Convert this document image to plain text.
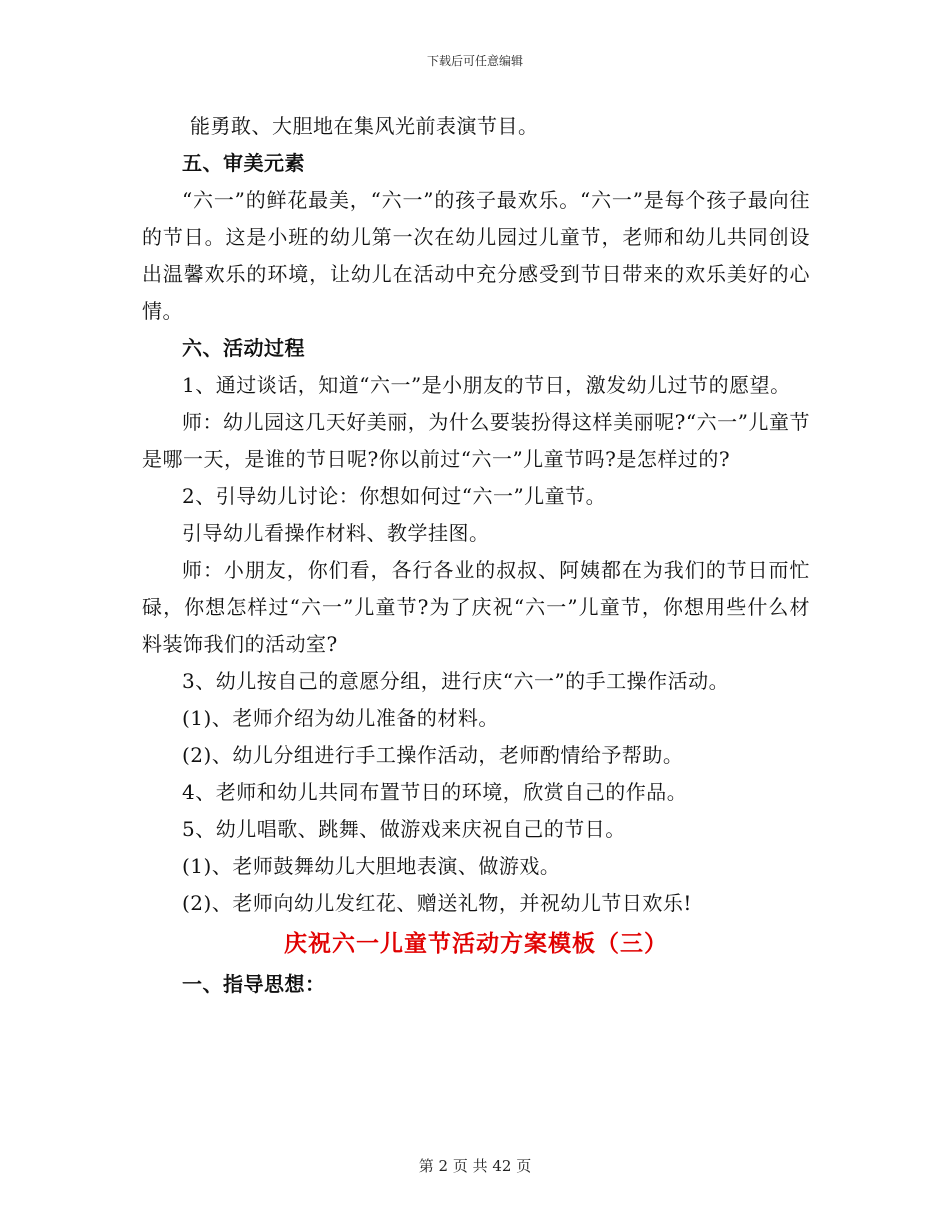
下载后可任意编辑

能勇敢、大胆地在集风光前表演节目。

五、审美元素

“六一”的鲜花最美，“六一”的孩子最欢乐。“六一”是每个孩子最向往的节日。这是小班的幼儿第一次在幼儿园过儿童节，老师和幼儿共同创设出温馨欢乐的环境，让幼儿在活动中充分感受到节日带来的欢乐美好的心情。

六、活动过程

1、通过谈话，知道“六一”是小朋友的节日，激发幼儿过节的愿望。

师：幼儿园这几天好美丽，为什么要装扮得这样美丽呢?“六一”儿童节是哪一天，是谁的节日呢?你以前过“六一”儿童节吗?是怎样过的?

2、引导幼儿讨论：你想如何过“六一”儿童节。

引导幼儿看操作材料、教学挂图。

师：小朋友，你们看，各行各业的叔叔、阿姨都在为我们的节日而忙碌，你想怎样过“六一”儿童节?为了庆祝“六一”儿童节，你想用些什么材料装饰我们的活动室?

3、幼儿按自己的意愿分组，进行庆“六一”的手工操作活动。

(1)、老师介绍为幼儿准备的材料。

(2)、幼儿分组进行手工操作活动，老师酌情给予帮助。

4、老师和幼儿共同布置节日的环境，欣赏自己的作品。

5、幼儿唱歌、跳舞、做游戏来庆祝自己的节日。

(1)、老师鼓舞幼儿大胆地表演、做游戏。

(2)、老师向幼儿发红花、赠送礼物，并祝幼儿节日欢乐!

庆祝六一儿童节活动方案模板（三）

一、指导思想：

第 2 页 共 42 页
